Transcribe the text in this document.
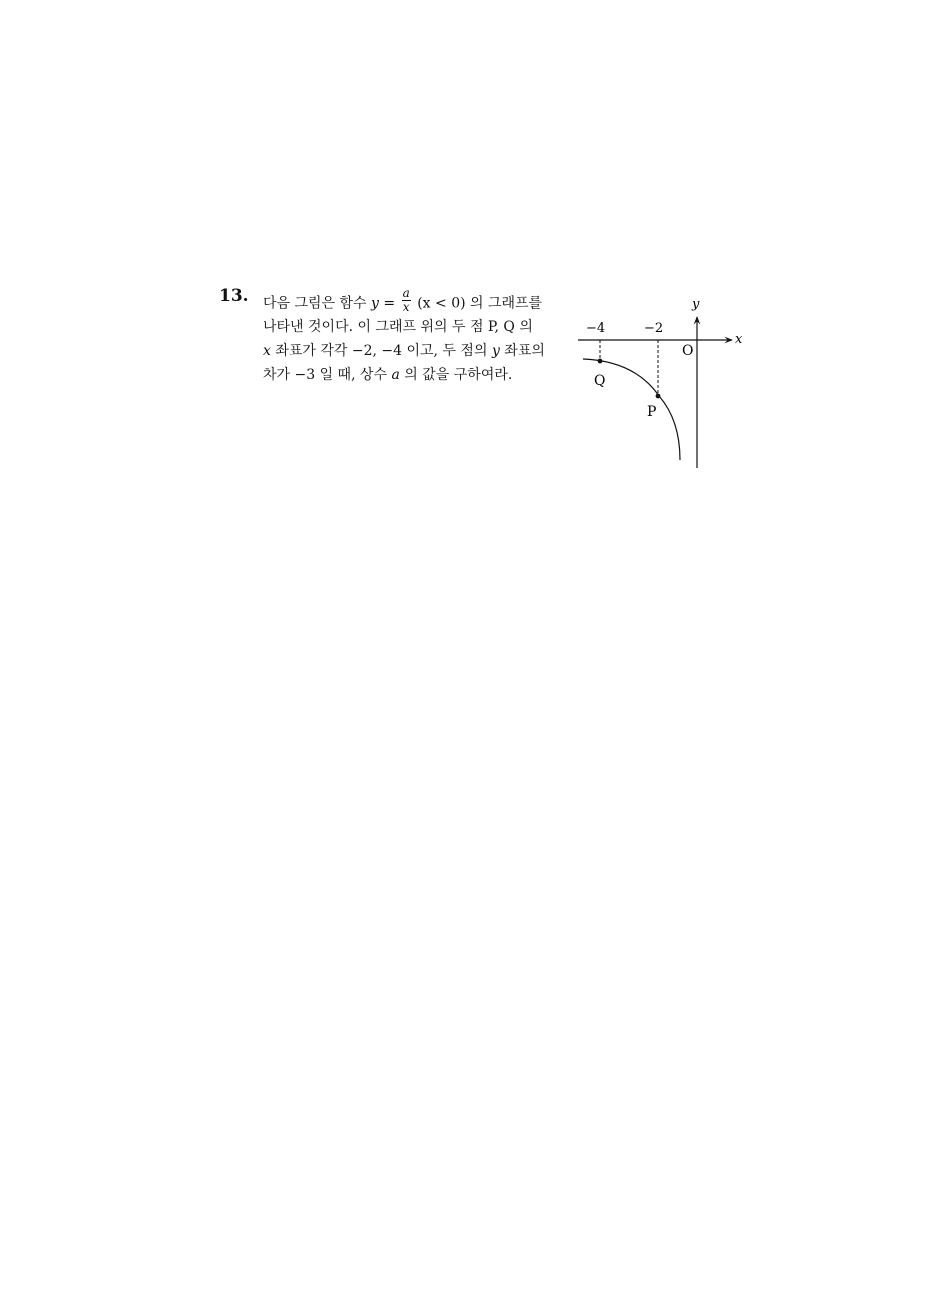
13. 다음 그림은 함수 $y = \frac{a}{x} (x < 0)$ 의 그래프를
나타낸 것이다. 이 그래프 위의 두 점 P, Q 의
x 좌표가 각각 −2, −4 이고, 두 점의 y 좌표의
차가 −3 일 때, 상수 a 의 값을 구하여라.
x
y
O
−4	−2
Q
P
